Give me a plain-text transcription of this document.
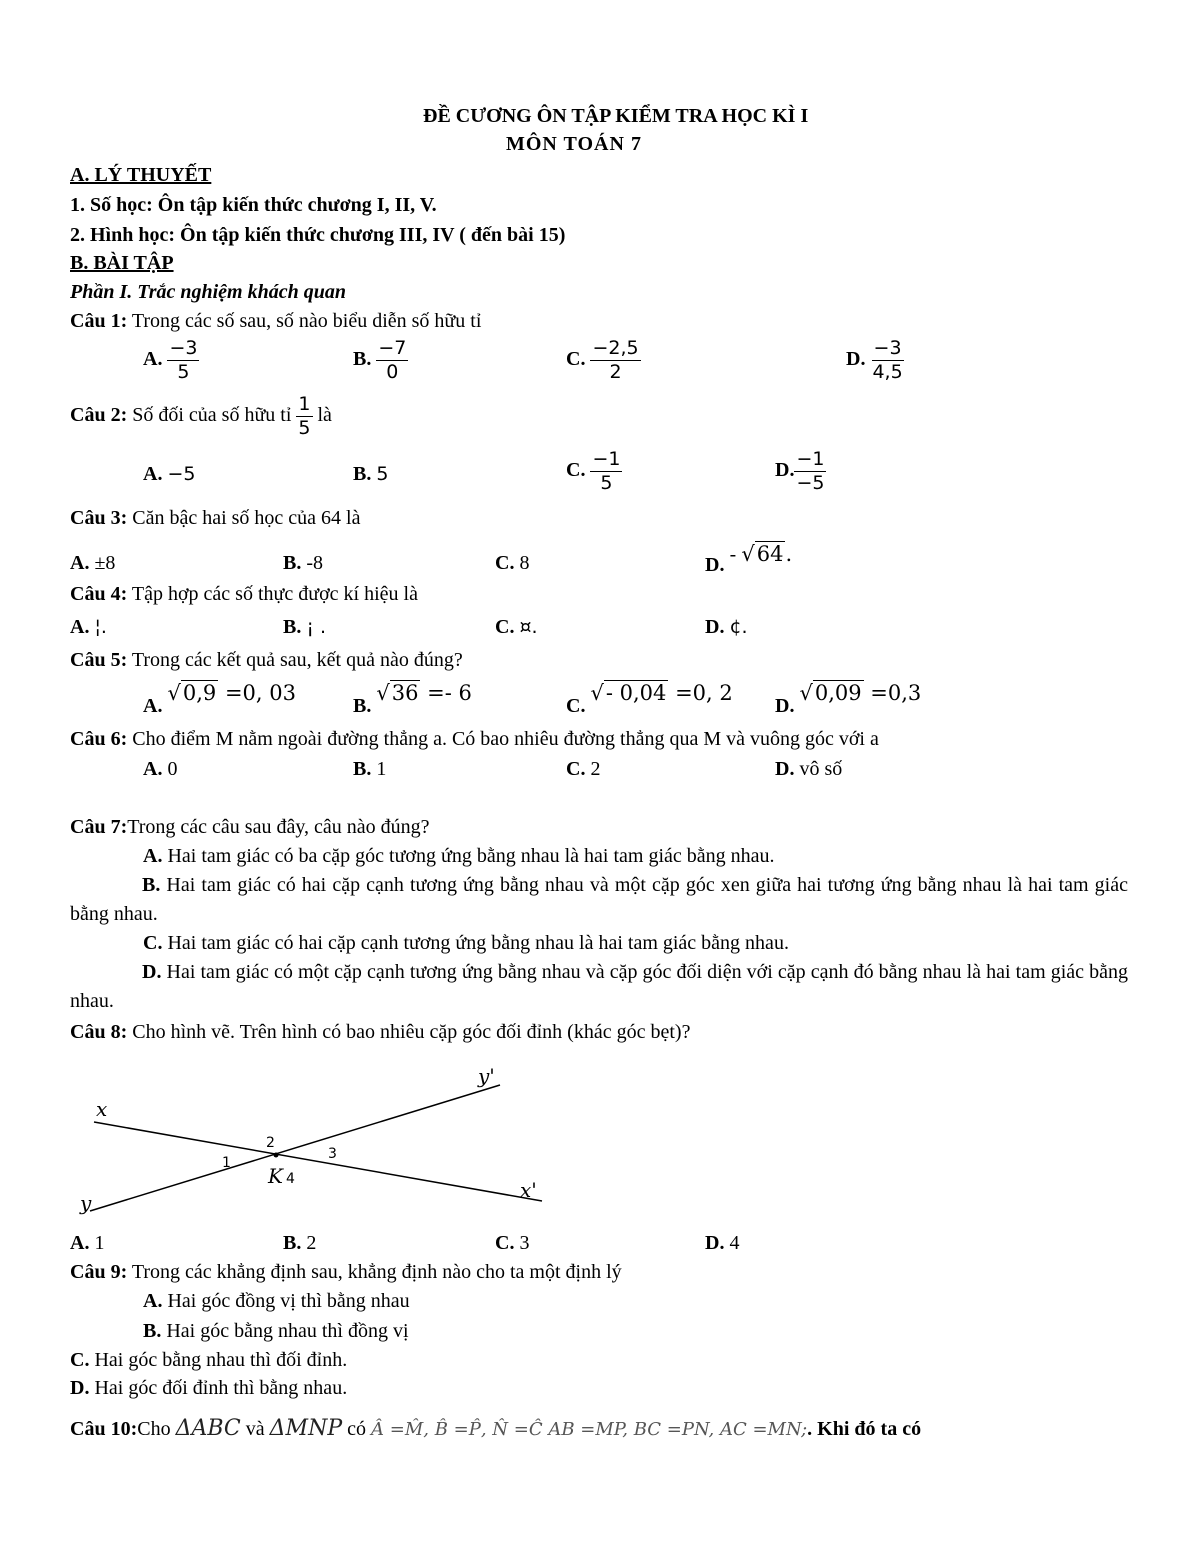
ĐỀ CƯƠNG ÔN TẬP KIỂM TRA HỌC KÌ I
MÔN TOÁN 7
A. LÝ THUYẾT
1. Số học: Ôn tập kiến thức chương I, II, V.
2. Hình học: Ôn tập kiến thức chương III, IV ( đến bài 15)
B. BÀI TẬP
Phần I. Trắc nghiệm khách quan
Câu 1: Trong các số sau, số nào biểu diễn số hữu tỉ
A. $\frac{-3}{5}$	B. $\frac{-7}{0}$	C. $\frac{-2,5}{2}$	D. $\frac{-3}{4,5}$
Câu 2: Số đối của số hữu tỉ $\frac{1}{5}$ là
A. −5	B. 5	C. $\frac{-1}{5}$	D. $\frac{-1}{-5}$
Câu 3: Căn bậc hai số học của 64 là
A. ±8	B. -8	C. 8	D. - √64.
Câu 4: Tập hợp các số thực được kí hiệu là
A. ¦.	B. ¡ .	C. ¤.	D. ¢.
Câu 5: Trong các kết quả sau, kết quả nào đúng?
A. √0,9 =0, 03
B. √36 =- 6
C. √- 0,04 =0, 2
D. √0,09 =0,3
Câu 6: Cho điểm M nằm ngoài đường thẳng a. Có bao nhiêu đường thẳng qua M và vuông góc với a
A. 0	B. 1	C. 2	D. vô số
Câu 7:Trong các câu sau đây, câu nào đúng?
A. Hai tam giác có ba cặp góc tương ứng bằng nhau là hai tam giác bằng nhau.
B. Hai tam giác có hai cặp cạnh tương ứng bằng nhau và một cặp góc xen giữa hai tương ứng bằng nhau là hai tam giác bằng nhau.
C. Hai tam giác có hai cặp cạnh tương ứng bằng nhau là hai tam giác bằng nhau.
D. Hai tam giác có một cặp cạnh tương ứng bằng nhau và cặp góc đối diện với cặp cạnh đó bằng nhau là hai tam giác bằng nhau.
Câu 8: Cho hình vẽ. Trên hình có bao nhiêu cặp góc đối đỉnh (khác góc bẹt)?
x
x'
y
y'
K
2
1
3
4
A. 1	B. 2	C. 3	D. 4
Câu 9: Trong các khẳng định sau, khẳng định nào cho ta một định lý
A. Hai góc đồng vị thì bằng nhau
B. Hai góc bằng nhau thì đồng vị
C. Hai góc bằng nhau thì đối đỉnh.
D. Hai góc đối đỉnh thì bằng nhau.
Câu 10:Cho ΔABC và ΔMNP có Â =M̂, B̂ =P̂, N̂ =Ĉ AB =MP, BC =PN, AC =MN;. Khi đó ta có
